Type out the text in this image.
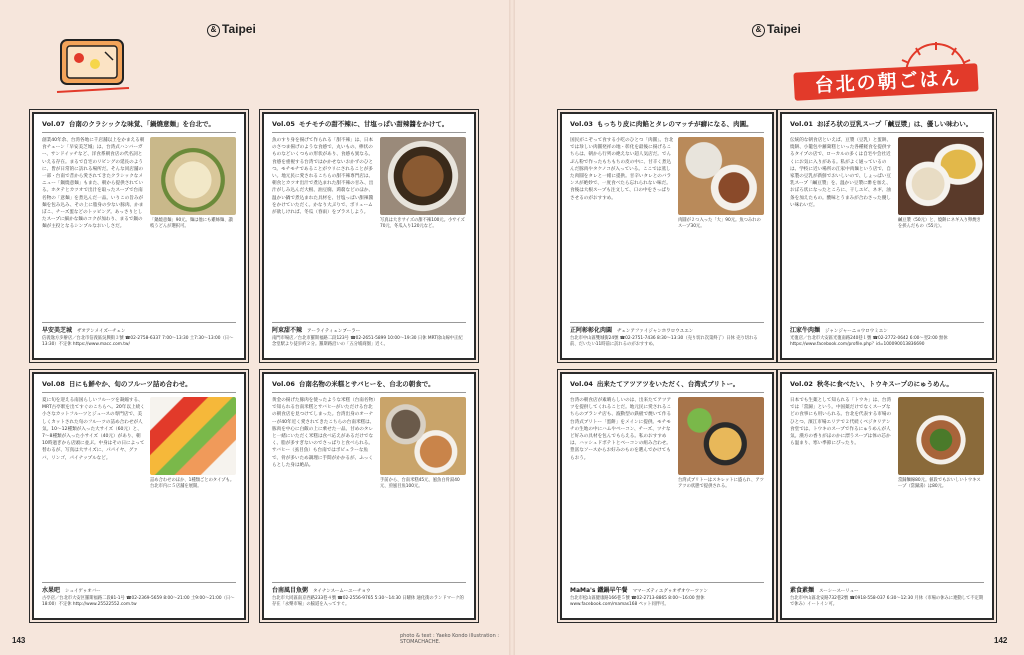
& Taipei
143	photo & text : Yaeko Kondo illustration : STOMACHACHE.
& Taipei
142
台北の朝ごはん
Vol.07 台南のクラシックな味覚、「鍋燒意麺」を台北で。
「鍋燒意麺」90元。麺は他にも雞絲麺、讃岐うどんが選択可。
創業40年余、台湾各地に千店舗以上をかまえる朝食チェーン「早安美芝城」は、台湾式ハンバーガー、サンドイッチなど、洋食系朝食店の代名詞といえる存在。まるで自宅のリビングの延長のように、皆が日常的に訪れる場所だ。そんな同店舗の一部・台南で昔から愛されてきたクラシックなメニュー「鍋燒意麺」もまた、朝から提供されている。ホタテとカツオで出汁を取ったスープで台南名物の「意麺」を煮込んだ一品。いりこの旨みが麺を包み込み、その上に脂身の少ない豚肉、かまぼこ、チーズ蛋などのトッピング。あっさりとしたスープに細かな麺のコクが加わり、まるで鍋の麺が主役となるシンプルなおいしさだ。
早安美芝城 ザオアンメイズーチェン
信義逸方歩辦店／台北市信義區吳興街３號 ☎02-2758-6337 7:00〜13:30 土7:30〜13:00（日〜13:30）不定休 https://www.macc.com.tw/
Vol.05 モチモチの甜不辣に、甘塩っぱい甜辣醬をかけて。
写真は大きサイズの甜不辣100元。小サイズ70元、冬瓜入り120元など。
魚のすり身を揚げて作られる「甜不辣」は、日本のさつま揚げのような食感で、丸いもの、棒状のものなどいくつもの形状があり、食感も異なる。食感を重視する台湾ではかかせないおかずのひとつ。モチモチであることがウリにされることが多い。地元民に愛されるこちらの甜不辣専門店は、朝食とカツオ出汁で煮込まれた甜不辣の甘み、出汁がしみ込んだ大根、油豆腐、蒟蒻などのほか、温かい鍋で煮込まれた具材を、甘塩っぱい甜辣醬をかけていただく。かなり大ぶりで、ボリュームが欲しければ、冬瓜（春雨）をプラスしよう。
阿束甜不辣 アーライティェンブーラー
南門市場店／台北市羅斯福路二段123号 ☎02-2651-5899 10:00〜19:30 日休 MRT徐山線中正紀念堂駅より徒歩約２分。羅斯路沿いの「五分埔商圈」近く。
Vol.08 日にも鮮やか、旬のフルーツ詰め合わせ。
詰め合わせのほか、1種類ごとのタイプも。台北市内に５店舗を展開。
夏に旬を迎える南国らしいフルーツを凝縮する、MRT古亭駅を出てすぐのこちらへ。20年以上続く小さなカットフルーツとジュースの専門店で、美しくカットされた旬のフルーツの詰め合わせが人気。10〜12種類が入った大サイズ（60元）と、7〜8種類が入った小サイズ（40元）があり、朝10時過ぎから店頭に並ぶ。中身はその日によって替わるが、写真は大サイズに、パパイヤ、グァバ、リンゴ、パイナップルなど。
水果吧 シュイゲゥオバー
古亭店／台北市大安区羅斯福路二段81-1号 ☎02-2369-5659 8:00〜21:00 土9:00〜21:00（日〜18:00）不定休 http://www.25522552.com.tw
Vol.06 台南名物の米糕とサバヒーを、台北の朝食で。
手前から、台南米糕45元、風魚白骨湯40元、煎風目魚100元。
黄金の揚げた豚肉を使ったような米糕（台南名物）で知られる台南米糕とサバヒーがいただける台北の朝食店を見つけてしまった。台湾出身のオーナーが40年近く愛されてきたこちらの台南米糕は、豚肉を中心に白飯の上に乗せた一品。甘めのタレと一緒にいただく米糕は食べ応えがあるだけでなく、脂が多すぎないのでさっぱりと食べられる。サバヒー（虱目魚）も台南ではポピュラーな魚で、骨が多いため調理に手間がかかるが、ふっくらとした身は絶品。
台南風目魚粥 タイナンスームーユーチョウ
台北市大同區南京西路233巷４號 ☎02-2556-9765 5:30〜14:30 日曜休 通化街のランドマーク的存在「永樂市場」の脇道を入ってすぐ。
Vol.03 もっちり皮に肉餡とタレのマッチが癖になる、肉圓。
肉圓が２つ入った「大」90元。魚つみれのスープ30元。
国民がこぞって食する小吃のひとつ「肉圓」。台北では珍しい肉圓発祥の地・彰化を最後に揚げるこちらは、朝から行列の絶えない超人気店だ。でんぷん粉で作ったもちもちの皮の中に、甘辛く煮込んだ豚肉やタケノコが入っている。ここでは蒸した肉圓をタレと一緒に提供。甘辛いタレとのバランスが絶妙で、一度食べたら忘れられない味だ。食後は大根スープも注文して、口の中をさっぱりさせるのがおすすめ。
正阿彰彰化肉圓 ヂェンアファイジャンホワロウユエン
台北市中山區雙城街24號 ☎02-2751-7436 8:30〜13:30（売り切れ次第終了）日休 売り切れる前、だいたい11時前に訪れるのがおすすめ。
Vol.01 おぼろ状の豆乳スープ「鹹豆漿」は、優しい味わい。
鹹豆漿（50元）と、燒餅にネギ入り卵焼きを挟んだもの（55元）。
伝統的な朝食店といえば、豆漿（豆乳）と蛋餅、燒餅、小籠包や蘿蔔糕といった各種軽食を提供するタイプの店で、ローカルの多くは自宅や会社近くにお気に入りがある。私がよく通っているのは、学校に近い場所の江家中肉麺という店で、自家製の豆乳が新鮮でおいしいので、しょっぱい豆乳スープ「鹹豆漿」を、温かい豆漿に酢を加え、おぼろ状になったところに、干しエビ、ネギ、油条を加えたもの。酸味とうまみが合わさった優しい味わいだ。
江家牛肉麺 ジャンジャーニョウロウミエン
光復店／台北市大安區光復南路240巷１號 ☎02-2772-0642 6:00〜翌2:00 無休 https://www.facebook.com/profile.php？id=100090013836690
Vol.04 出来たてアツアツをいただく、台湾式ブリトー。
台湾式ブリトーはスキレットに盛られ、アツアツの状態で提供される。
台湾の朝食店が素晴らしいのは、出来たてアツアツを提供してくれることだ。地元民に愛されるこちらのブランチ店も、波動型の鉄板で焼いて作る台湾式ブリトー「蛋餅」をメインに提供。モチモチの生地の中にハムやベーコン、チーズ、ツナなど好みの具材を包んでもらえる。私のおすすめは、ハッシュドポテトとベーコンの組み合わせ。豊富なソースからお好みのものを選んでかけてもらおう。
MaMa's 鐵鍋早午餐 ママーズティエグゥオザオウーツァン
台北市松山區健康路166巷５號 ☎02-2713-8865 8:00〜16:00 無休 www.facebook.com/mamas168 ペット同伴可。
Vol.02 秋冬に食べたい、トウキスープのにゅうめん。
當歸麵線80元。値段でもおいしいトウキスープ（當歸湯）は80元。
日本でも生薬として知られる「トウキ」は、台湾では「當歸」という。中国薬だけでなくスープなどの食事にも用いられる。台北を代表する市場のひとつ、濱江市場エリアで２代続くベジタリアン食堂では、トウキのスープで作るにゅうめんが人気。漢方の香りがほのかに漂うスープは体の芯から温まり、寒い季節にぴったり。
素食素麺 スーシースーリュー
台北市中山區北安路732巷2號 ☎0918-558-037 6:30〜12:30 月休（市場の休みに連動して不定期で休み）イートイン可。
